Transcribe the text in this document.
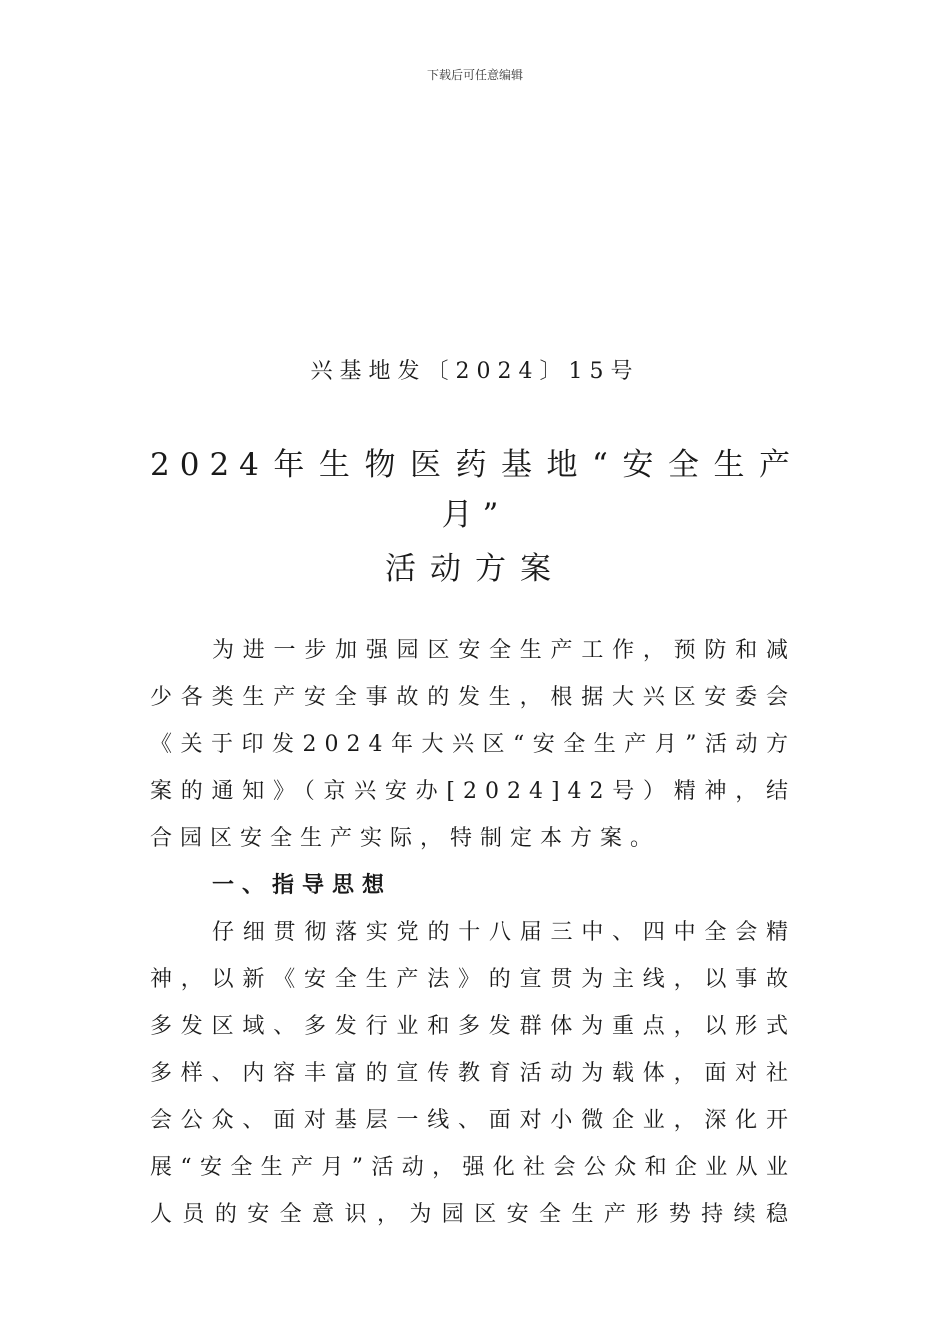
下载后可任意编辑
兴基地发〔2024〕15号
2024年生物医药基地“安全生产
月”
活动方案

为进一步加强园区安全生产工作，预防和减少各类生产安全事故的发生，根据大兴区安委会《关于印发2024年大兴区“安全生产月”活动方案的通知》（京兴安办[2024]42号）精神，结合园区安全生产实际，特制定本方案。

一、指导思想

仔细贯彻落实党的十八届三中、四中全会精神，以新《安全生产法》的宣贯为主线，以事故多发区域、多发行业和多发群体为重点，以形式多样、内容丰富的宣传教育活动为载体，面对社会公众、面对基层一线、面对小微企业，深化开展“安全生产月”活动，强化社会公众和企业从业人员的安全意识，为园区安全生产形势持续稳
